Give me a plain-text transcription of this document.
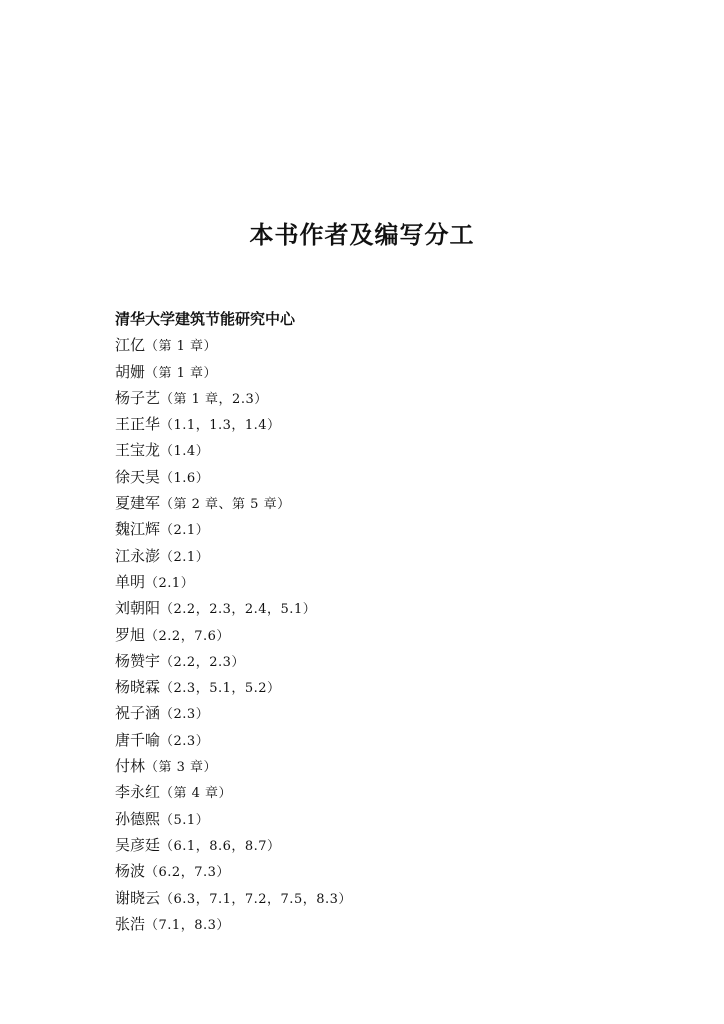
本书作者及编写分工
清华大学建筑节能研究中心
江亿（第 1 章）
胡姗（第 1 章）
杨子艺（第 1 章，2.3）
王正华（1.1，1.3，1.4）
王宝龙（1.4）
徐天昊（1.6）
夏建军（第 2 章、第 5 章）
魏江辉（2.1）
江永澎（2.1）
单明（2.1）
刘朝阳（2.2，2.3，2.4，5.1）
罗旭（2.2，7.6）
杨赞宇（2.2，2.3）
杨晓霖（2.3，5.1，5.2）
祝子涵（2.3）
唐千喻（2.3）
付林（第 3 章）
李永红（第 4 章）
孙德熙（5.1）
吴彦廷（6.1，8.6，8.7）
杨波（6.2，7.3）
谢晓云（6.3，7.1，7.2，7.5，8.3）
张浩（7.1，8.3）
